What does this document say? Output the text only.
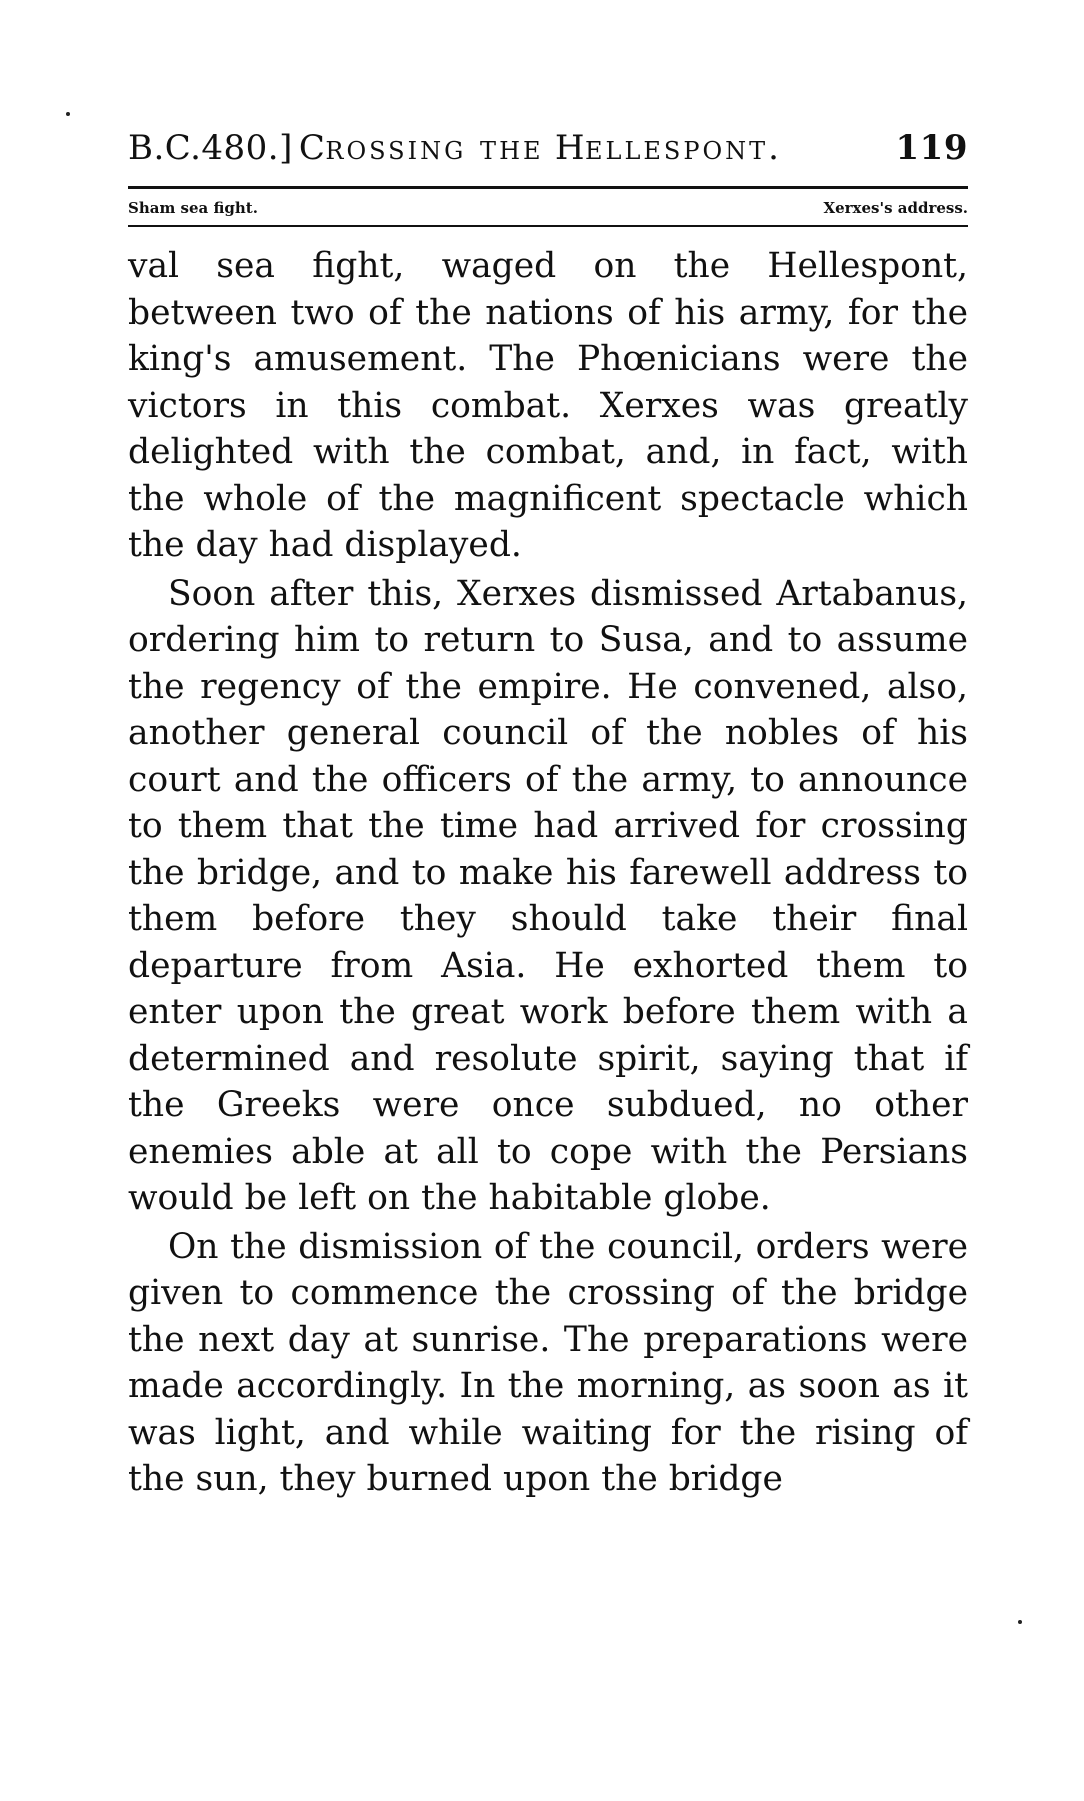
B.C.480.] Crossing the Hellespont.	119
Sham sea fight.	Xerxes's address.

val sea fight, waged on the Hellespont, between two of the nations of his army, for the king's amusement. The Phœnicians were the victors in this combat. Xerxes was greatly delighted with the combat, and, in fact, with the whole of the magnificent spectacle which the day had displayed.

Soon after this, Xerxes dismissed Artabanus, ordering him to return to Susa, and to assume the regency of the empire. He convened, also, another general council of the nobles of his court and the officers of the army, to announce to them that the time had arrived for crossing the bridge, and to make his farewell address to them before they should take their final departure from Asia. He exhorted them to enter upon the great work before them with a determined and resolute spirit, saying that if the Greeks were once subdued, no other enemies able at all to cope with the Persians would be left on the habitable globe.

On the dismission of the council, orders were given to commence the crossing of the bridge the next day at sunrise. The preparations were made accordingly. In the morning, as soon as it was light, and while waiting for the rising of the sun, they burned upon the bridge
